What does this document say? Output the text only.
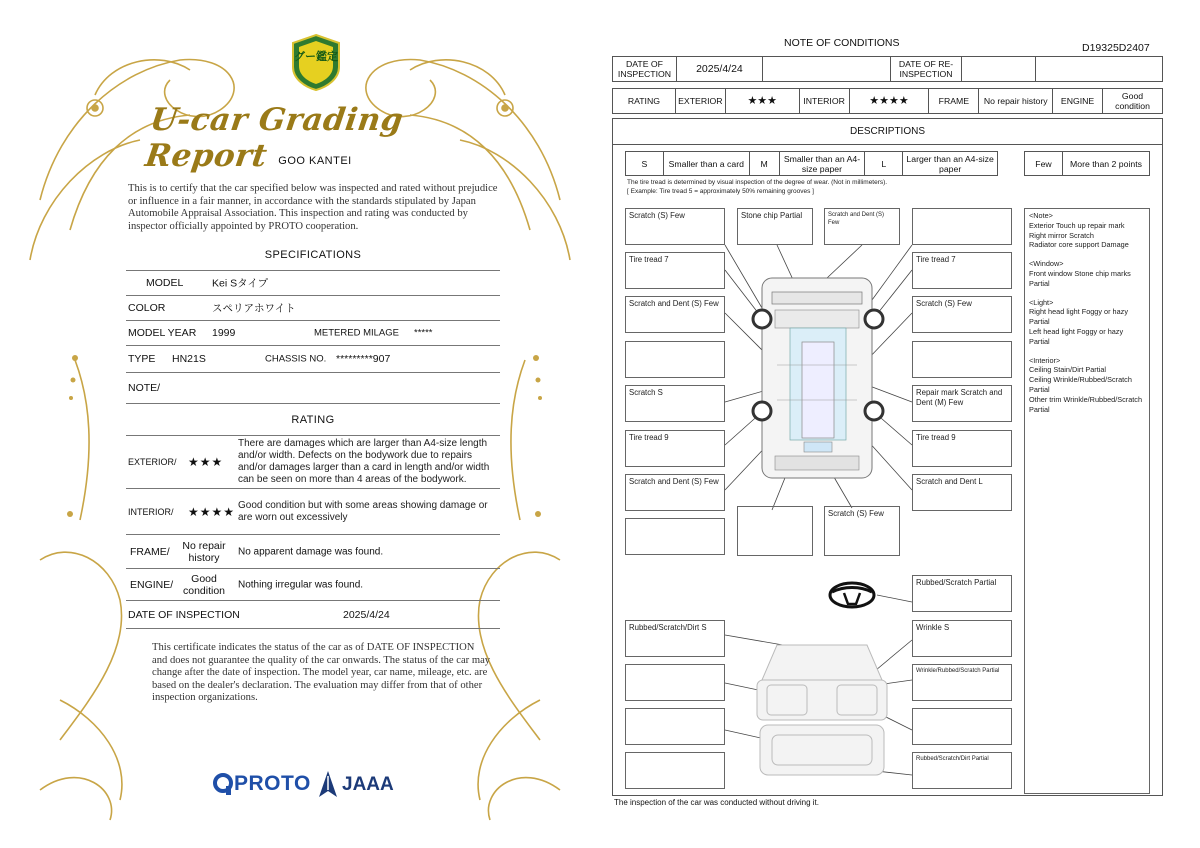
グー鑑定
U-car Grading Report GOO KANTEI
This is to certify that the car specified below was inspected and rated without prejudice or influence in a fair manner, in accordance with the standards stipulated by Japan Automobile Appraisal Association. This inspection and rating was conducted by inspector officially appointed by PROTO cooperation.
SPECIFICATIONS
MODEL	Kei Sタイプ
COLOR	スペリアホワイト
MODEL YEAR 1999	METERED MILAGE *****
TYPE HN21S	CHASSIS NO. *********907
NOTE/
RATING
EXTERIOR/ ★★★
There are damages which are larger than A4-size length and/or width. Defects on the bodywork due to repairs and/or damages larger than a card in length and/or width can be seen on more than 4 areas of the bodywork.
INTERIOR/ ★★★★ Good condition but with some areas showing damage or are worn out excessively
FRAME/	No repair history	No apparent damage was found.
ENGINE/	Good condition Nothing irregular was found.
DATE OF INSPECTION	2025/4/24
This certificate indicates the status of the car as of DATE OF INSPECTION and does not guarantee the quality of the car onwards. The status of the car may change after the date of inspection. The model year, car name, mileage, etc. are based on the dealer's declaration. The evaluation may differ from that of other inspection organizations.
PROTO JAAA
NOTE OF CONDITIONS	D19325D2407
DATE OF INSPECTION	2025/4/24		DATE OF RE-INSPECTION		
RATING	EXTERIOR	★★★	INTERIOR	★★★★	FRAME	No repair history	ENGINE	Good condition
DESCRIPTIONS
S	Smaller than a card	M	Smaller than an A4-size paper	L	Larger than an A4-size paper	Few	More than 2 points
The tire tread is determined by visual inspection of the degree of wear. (Not in millimeters).
[ Example: Tire tread 5 = approximately 50% remaining grooves ]
Scratch (S) Few	Stone chip Partial	Scratch and Dent (S) Few
Tire tread 7	Tire tread 7
Scratch and Dent (S) Few	Scratch (S) Few
Scratch S	Repair mark Scratch and Dent (M) Few
Tire tread 9	Tire tread 9
Scratch and Dent (S) Few	Scratch and Dent L
Scratch (S) Few
Rubbed/Scratch Partial
Rubbed/Scratch/Dirt S	Wrinkle S
Wrinkle/Rubbed/Scratch Partial
Rubbed/Scratch/Dirt Partial
<Note>
Exterior Touch up repair mark
Right mirror Scratch
Radiator core support Damage
<Window>
Front window Stone chip marks Partial
<Light>
Right head light Foggy or hazy Partial
Left head light Foggy or hazy Partial
<Interior>
Ceiling Stain/Dirt Partial
Ceiling Wrinkle/Rubbed/Scratch Partial
Other trim Wrinkle/Rubbed/Scratch Partial
The inspection of the car was conducted without driving it.
